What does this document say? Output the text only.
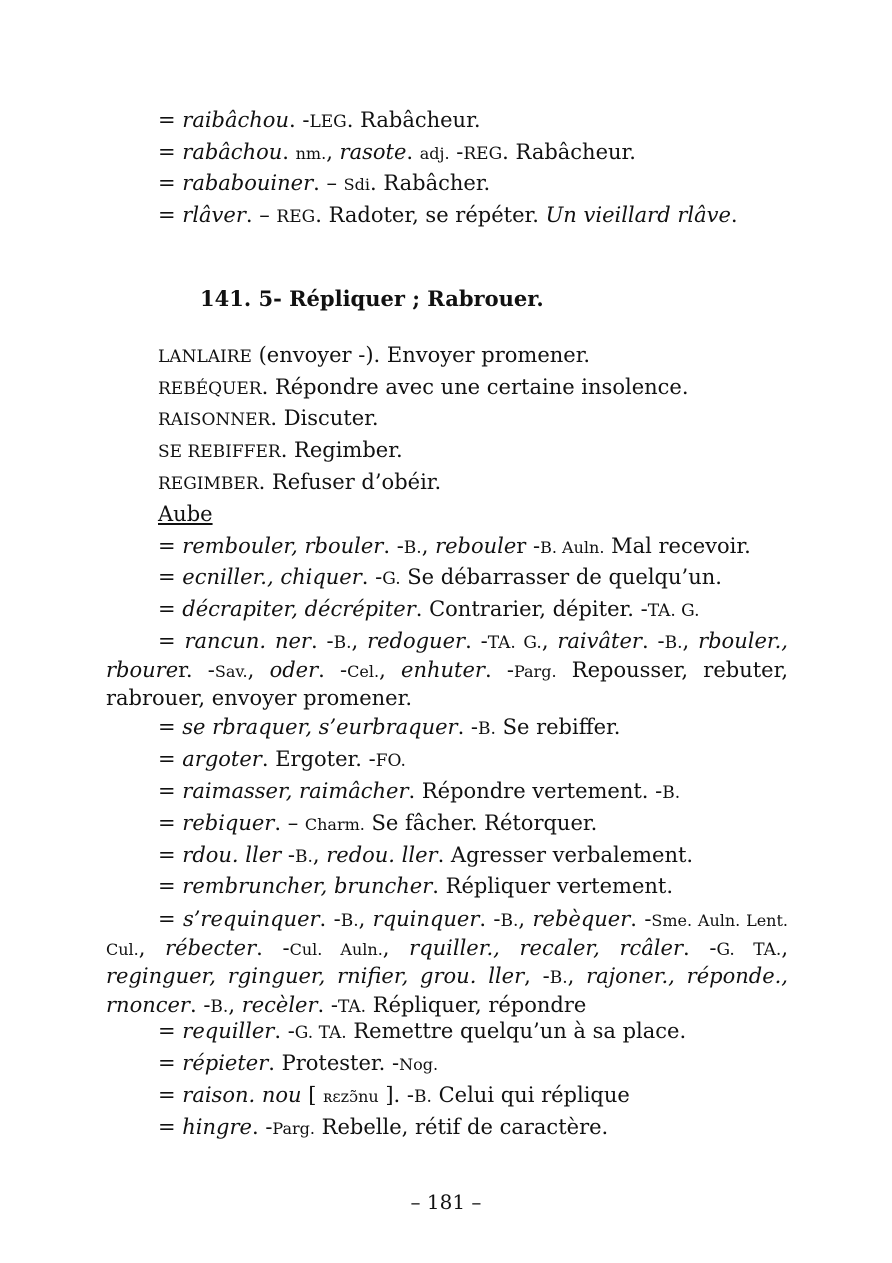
= raibâchou. -LEG. Rabâcheur.
= rabâchou. nm., rasote. adj. -REG. Rabâcheur.
= rababouiner. – Sdi. Rabâcher.
= rlâver. – REG. Radoter, se répéter. Un vieillard rlâve.
141. 5- Répliquer ; Rabrouer.
LANLAIRE (envoyer -). Envoyer promener.
REBÉQUER. Répondre avec une certaine insolence.
RAISONNER. Discuter.
SE REBIFFER. Regimber.
REGIMBER. Refuser d’obéir.
Aube
= rembouler, rbouler. -B., rebouler -B. Auln. Mal recevoir.
= ecniller., chiquer. -G. Se débarrasser de quelqu’un.
= décrapiter, décrépiter. Contrarier, dépiter. -TA. G.
= rancun. ner. -B., redoguer. -TA. G., raivâter. -B., rbouler., rbourer. -Sav., oder. -Cel., enhuter. -Parg. Repousser, rebuter, rabrouer, envoyer promener.
= se rbraquer, s’eurbraquer. -B. Se rebiffer.
= argoter. Ergoter. -FO.
= raimasser, raimâcher. Répondre vertement. -B.
= rebiquer. – Charm. Se fâcher. Rétorquer.
= rdou. ller -B., redou. ller. Agresser verbalement.
= rembruncher, bruncher. Répliquer vertement.
= s’requinquer. -B., rquinquer. -B., rebèquer. -Sme. Auln. Lent. Cul., rébecter. -Cul. Auln., rquiller., recaler, rcâler. -G. TA., reginguer, rginguer, rnifier, grou. ller, -B., rajoner., réponde., rnoncer. -B., recèler. -TA. Répliquer, répondre
= requiller. -G. TA. Remettre quelqu’un à sa place.
= répieter. Protester. -Nog.
= raison. nou [ ʀɛzɔ̃nu ]. -B. Celui qui réplique
= hingre. -Parg. Rebelle, rétif de caractère.
– 181 –
